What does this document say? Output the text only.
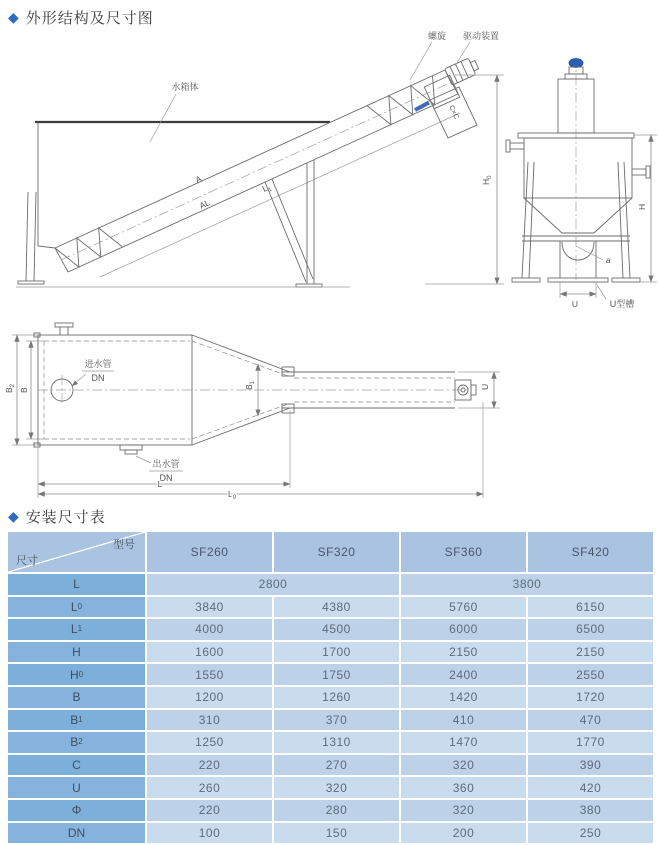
◆ 外形结构及尺寸图
C×C
螺旋 驱动装置
水箱体
A
AL
$L_1$
$H_0$
a
U	U型槽
H
$B_2$
B
进水管
DN
$B_1$
U
出水管
DN
L
$L_0$
◆ 安装尺寸表
型号
尺寸
SF260	SF320	SF360	SF420
L	2800	3800
L 0	3840	4380	5760	6150
L 1	4000	4500	6000	6500
H	1600	1700	2150	2150
H 0	1550	1750	2400	2550
B	1200	1260	1420	1720
B 1	310	370	410	470
B 2	1250	1310	1470	1770
C	220	270	320	390
U	260	320	360	420
Φ	220	280	320	380
DN	100	150	200	250
